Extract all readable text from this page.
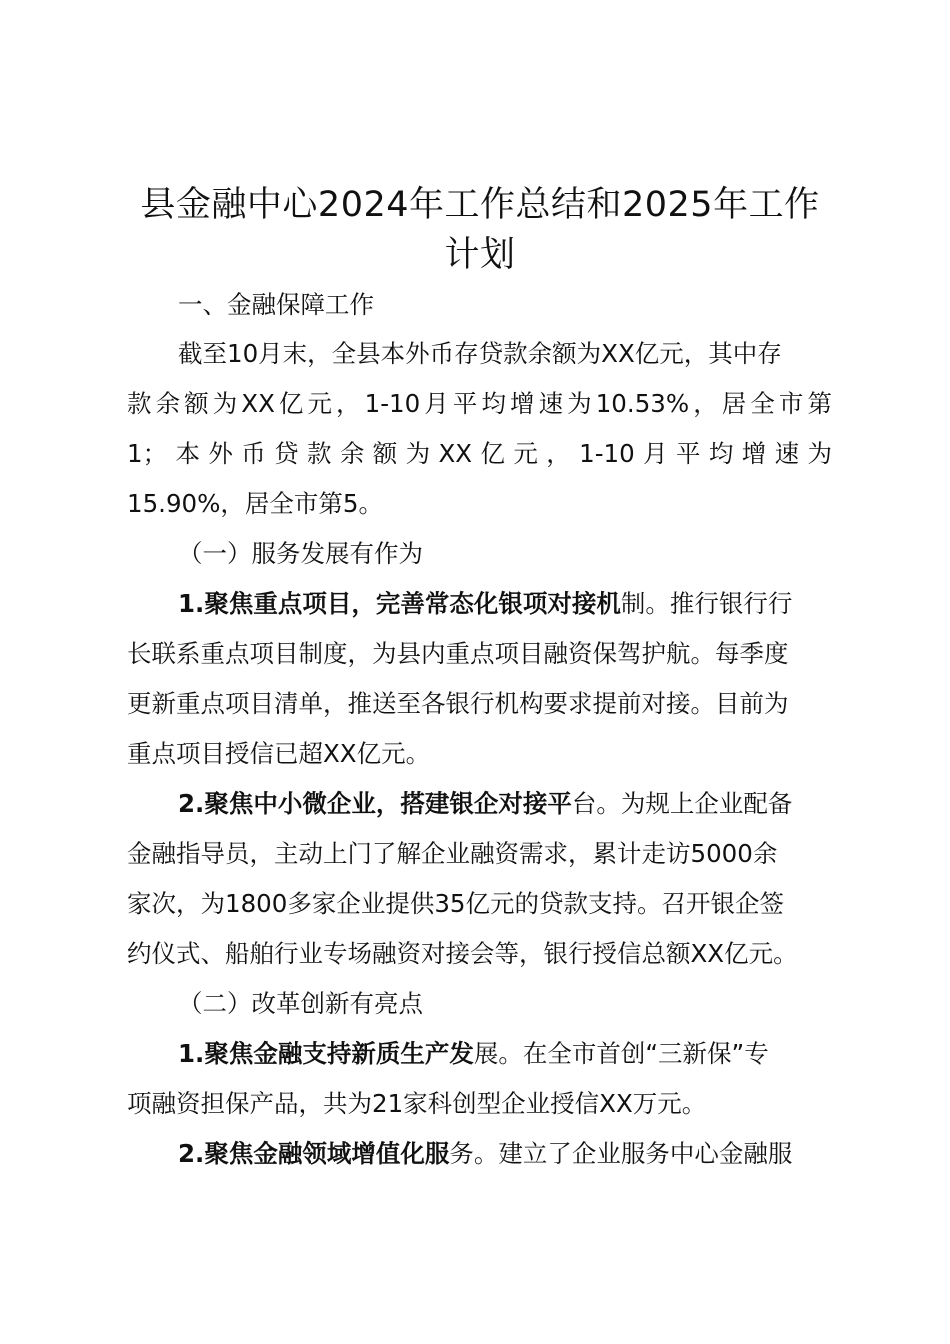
县金融中心2024年工作总结和2025年工作
计划

一、金融保障工作

截至10月末，全县本外币存贷款余额为XX亿元，其中存

款余额为XX亿元，1-10月平均增速为10.53%，居全市第

1；本外币贷款余额为XX亿元，1-10月平均增速为

15.90%，居全市第5。

（一）服务发展有作为

1.聚焦重点项目，完善常态化银项对接机制。推行银行行

长联系重点项目制度，为县内重点项目融资保驾护航。每季度

更新重点项目清单，推送至各银行机构要求提前对接。目前为

重点项目授信已超XX亿元。

2.聚焦中小微企业，搭建银企对接平台。为规上企业配备

金融指导员，主动上门了解企业融资需求，累计走访5000余

家次，为1800多家企业提供35亿元的贷款支持。召开银企签

约仪式、船舶行业专场融资对接会等，银行授信总额XX亿元。

（二）改革创新有亮点

1.聚焦金融支持新质生产发展。在全市首创“三新保”专

项融资担保产品，共为21家科创型企业授信XX万元。

2.聚焦金融领域增值化服务。建立了企业服务中心金融服
